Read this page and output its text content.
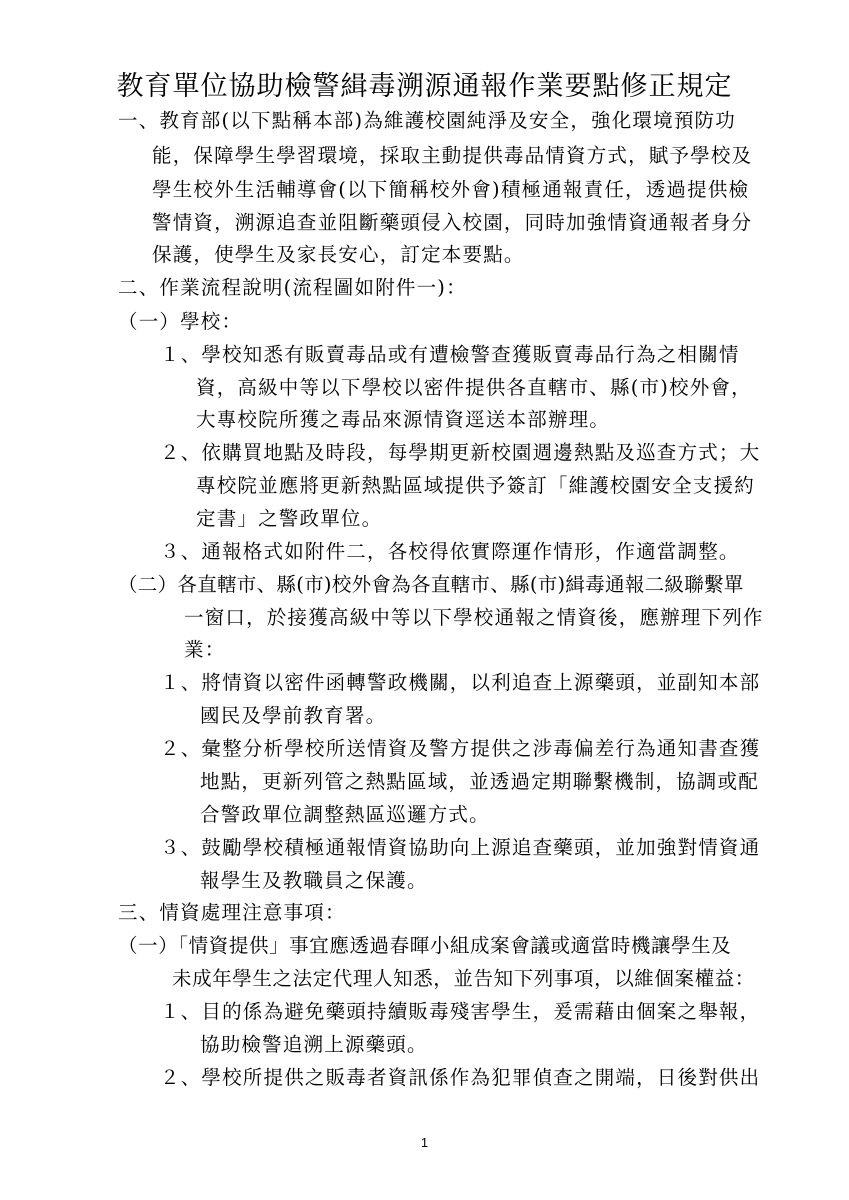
教育單位協助檢警緝毒溯源通報作業要點修正規定
一、教育部(以下點稱本部)為維護校園純淨及安全，強化環境預防功
能，保障學生學習環境，採取主動提供毒品情資方式，賦予學校及
學生校外生活輔導會(以下簡稱校外會)積極通報責任，透過提供檢
警情資，溯源追查並阻斷藥頭侵入校園，同時加強情資通報者身分
保護，使學生及家長安心，訂定本要點。
二、作業流程說明(流程圖如附件一)：
（一）學校：
１、學校知悉有販賣毒品或有遭檢警查獲販賣毒品行為之相關情
資，高級中等以下學校以密件提供各直轄市、縣(市)校外會，
大專校院所獲之毒品來源情資逕送本部辦理。
２、依購買地點及時段，每學期更新校園週邊熱點及巡查方式；大
專校院並應將更新熱點區域提供予簽訂「維護校園安全支援約
定書」之警政單位。
３、通報格式如附件二，各校得依實際運作情形，作適當調整。
（二）各直轄市、縣(市)校外會為各直轄市、縣(市)緝毒通報二級聯繫單
一窗口，於接獲高級中等以下學校通報之情資後，應辦理下列作
業：
１、將情資以密件函轉警政機關，以利追查上源藥頭，並副知本部
國民及學前教育署。
２、彙整分析學校所送情資及警方提供之涉毒偏差行為通知書查獲
地點，更新列管之熱點區域，並透過定期聯繫機制，協調或配
合警政單位調整熱區巡邏方式。
３、鼓勵學校積極通報情資協助向上源追查藥頭，並加強對情資通
報學生及教職員之保護。
三、情資處理注意事項：
（一）「情資提供」事宜應透過春暉小組成案會議或適當時機讓學生及
未成年學生之法定代理人知悉，並告知下列事項，以維個案權益：
１、目的係為避免藥頭持續販毒殘害學生，爰需藉由個案之舉報，
協助檢警追溯上源藥頭。
２、學校所提供之販毒者資訊係作為犯罪偵查之開端，日後對供出
1
